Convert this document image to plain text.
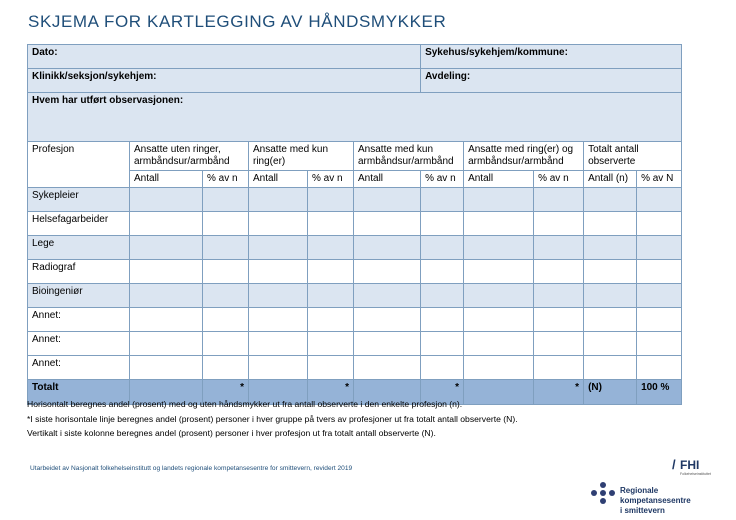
SKJEMA FOR KARTLEGGING AV HÅNDSMYKKER
Dato:						Sykehus/sykehjem/kommune:				
Klinikk/seksjon/sykehjem:						Avdeling:				
Hvem har utført observasjonen:										
Profesjon	Ansatte uten ringer, armbåndsur/armbånd		Ansatte med kun ring(er)		Ansatte med kun armbåndsur/armbånd		Ansatte med ring(er) og armbåndsur/armbånd		Totalt antall observerte	
	Antall	% av n	Antall	% av n	Antall	% av n	Antall	% av n	Antall (n)	% av N
Sykepleier										
Helsefagarbeider										
Lege										
Radiograf										
Bioingeniør										
Annet:										
Annet:										
Annet:										
Totalt		*		*		*		*	(N)	100 %
Horisontalt beregnes andel (prosent) med og uten håndsmykker ut fra antall observerte i den enkelte profesjon (n).
*I siste horisontale linje beregnes andel (prosent) personer i hver gruppe på tvers av profesjoner ut fra totalt antall observerte (N).
Vertikalt i siste kolonne beregnes andel (prosent) personer i hver profesjon ut fra totalt antall observerte (N).
Utarbeidet av Nasjonalt folkehelseinstitutt og landets regionale kompetansesentre for smittevern, revidert 2019	/ FHI
Folkehelseinstituttet
Regionale kompetansesentre
i smittevern
